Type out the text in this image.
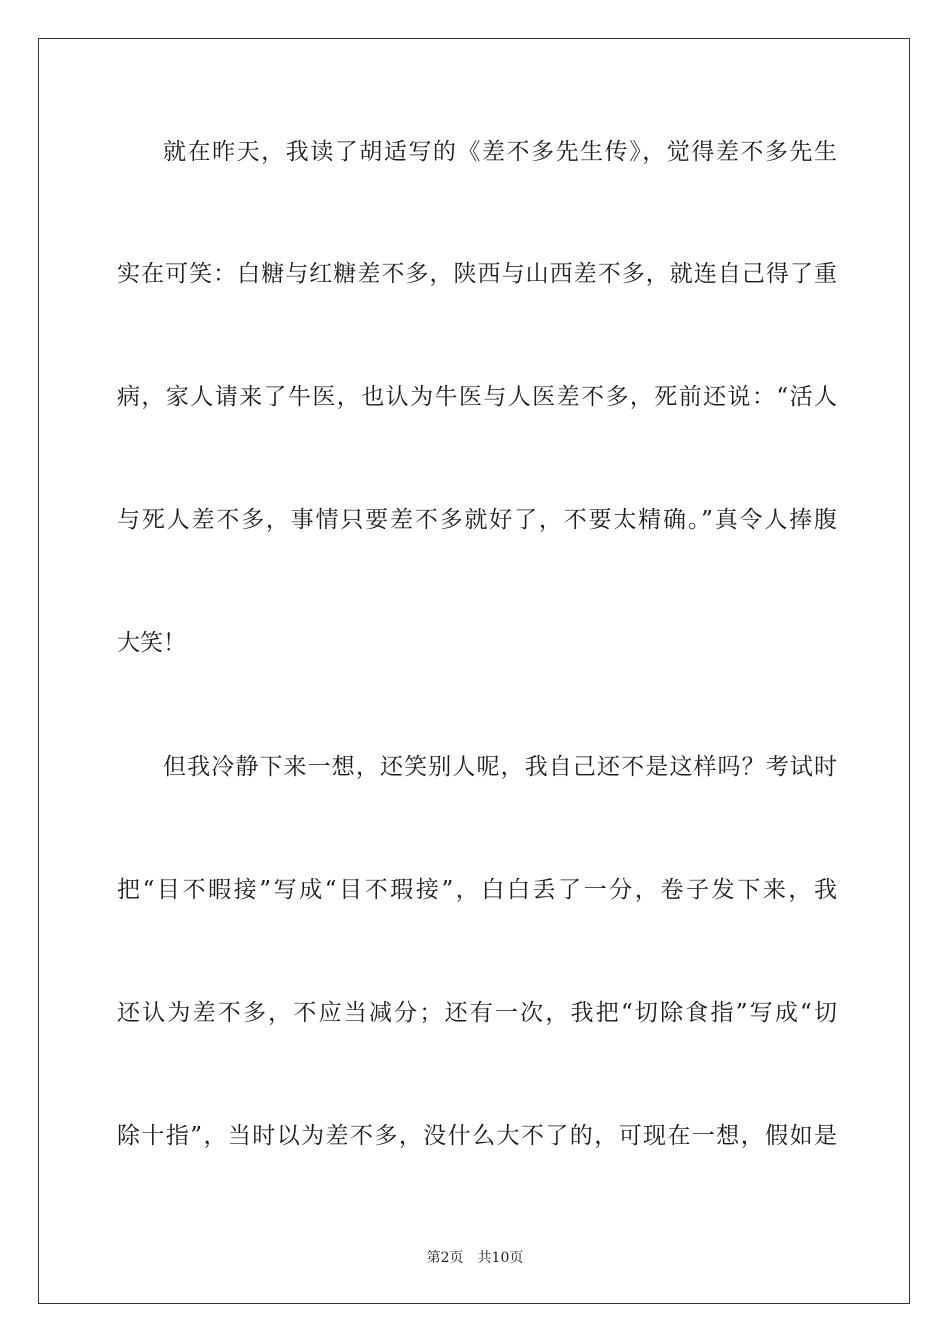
就在昨天，我读了胡适写的《差不多先生传》，觉得差不多先生
实在可笑：白糖与红糖差不多，陕西与山西差不多，就连自己得了重
病，家人请来了牛医，也认为牛医与人医差不多，死前还说：“活人
与死人差不多，事情只要差不多就好了，不要太精确。”真令人捧腹
大笑！
但我冷静下来一想，还笑别人呢，我自己还不是这样吗？考试时
把“目不暇接”写成“目不瑕接”，白白丢了一分，卷子发下来，我
还认为差不多，不应当减分；还有一次，我把“切除食指”写成“切
除十指”，当时以为差不多，没什么大不了的，可现在一想，假如是
第2页 共10页
